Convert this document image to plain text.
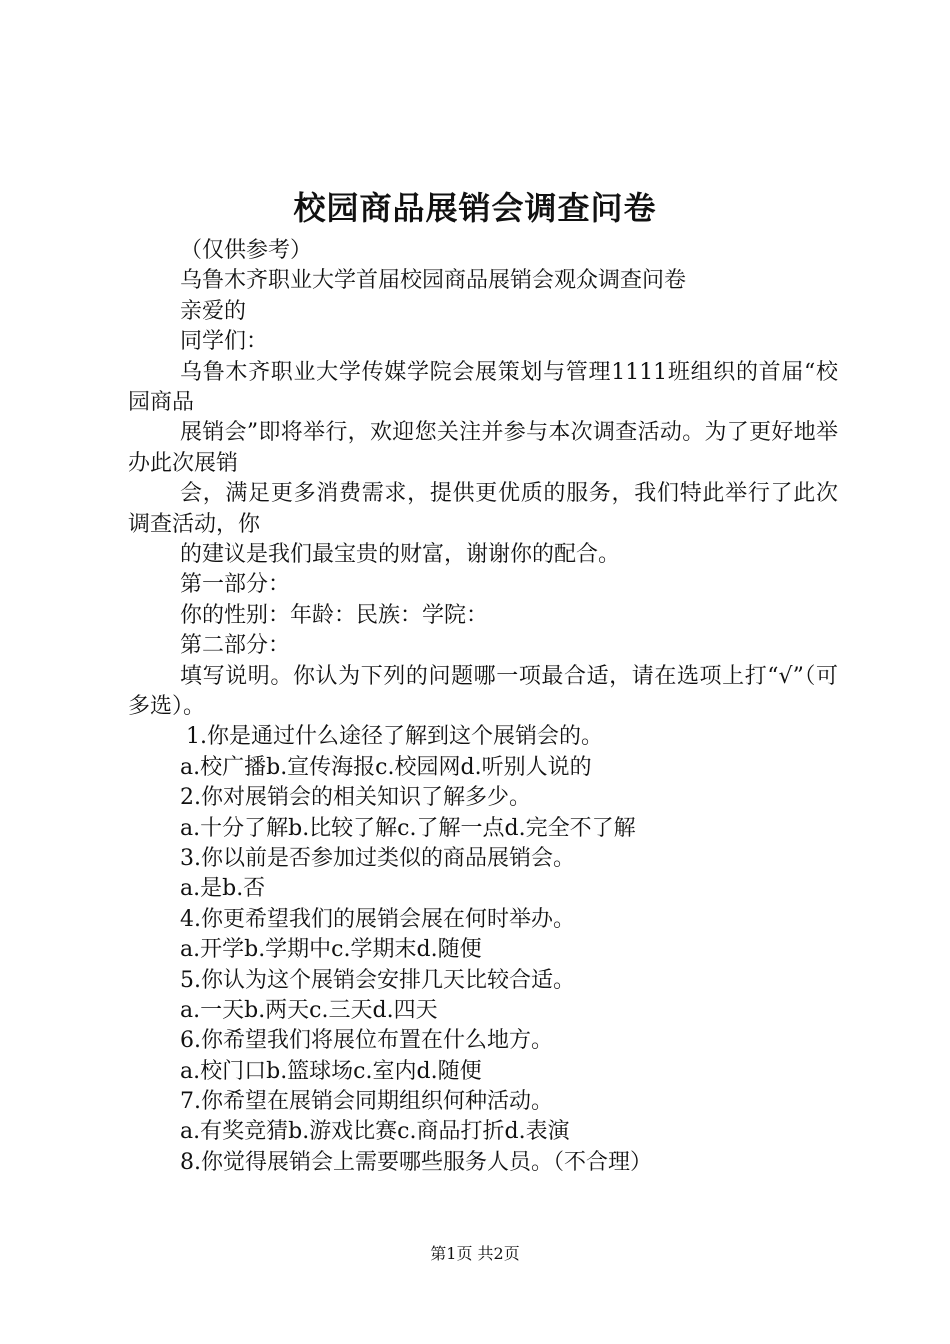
校园商品展销会调查问卷
（仅供参考）
乌鲁木齐职业大学首届校园商品展销会观众调查问卷
亲爱的
同学们：
乌鲁木齐职业大学传媒学院会展策划与管理1111班组织的首届“校园商品
展销会”即将举行，欢迎您关注并参与本次调查活动。为了更好地举办此次展销
会，满足更多消费需求，提供更优质的服务，我们特此举行了此次调查活动，你
的建议是我们最宝贵的财富，谢谢你的配合。
第一部分：
你的性别：年龄：民族：学院：
第二部分：
填写说明。你认为下列的问题哪一项最合适，请在选项上打“√”（可多选）。
1.你是通过什么途径了解到这个展销会的。
a.校广播b.宣传海报c.校园网d.听别人说的
2.你对展销会的相关知识了解多少。
a.十分了解b.比较了解c.了解一点d.完全不了解
3.你以前是否参加过类似的商品展销会。
a.是b.否
4.你更希望我们的展销会展在何时举办。
a.开学b.学期中c.学期末d.随便
5.你认为这个展销会安排几天比较合适。
a.一天b.两天c.三天d.四天
6.你希望我们将展位布置在什么地方。
a.校门口b.篮球场c.室内d.随便
7.你希望在展销会同期组织何种活动。
a.有奖竞猜b.游戏比赛c.商品打折d.表演
8.你觉得展销会上需要哪些服务人员。（不合理）
第1页 共2页
